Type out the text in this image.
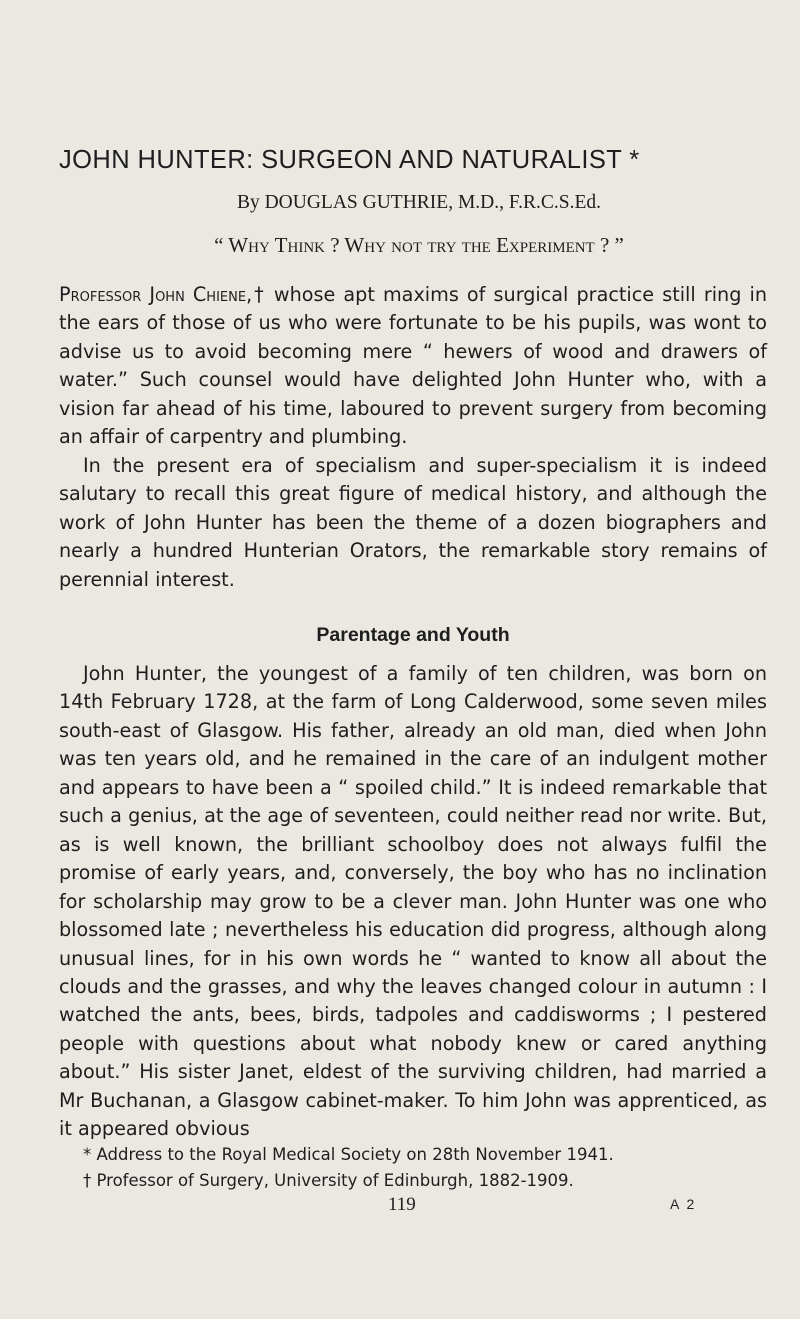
JOHN HUNTER: SURGEON AND NATURALIST *
By DOUGLAS GUTHRIE, M.D., F.R.C.S.Ed.
“ Why Think ? Why not try the Experiment ? ”

Professor John Chiene,† whose apt maxims of surgical practice still ring in the ears of those of us who were fortunate to be his pupils, was wont to advise us to avoid becoming mere “ hewers of wood and drawers of water.” Such counsel would have delighted John Hunter who, with a vision far ahead of his time, laboured to prevent surgery from becoming an affair of carpentry and plumbing.

In the present era of specialism and super-specialism it is indeed salutary to recall this great figure of medical history, and although the work of John Hunter has been the theme of a dozen biographers and nearly a hundred Hunterian Orators, the remarkable story remains of perennial interest.

Parentage and Youth

John Hunter, the youngest of a family of ten children, was born on 14th February 1728, at the farm of Long Calderwood, some seven miles south-east of Glasgow. His father, already an old man, died when John was ten years old, and he remained in the care of an indulgent mother and appears to have been a “ spoiled child.” It is indeed remarkable that such a genius, at the age of seventeen, could neither read nor write. But, as is well known, the brilliant schoolboy does not always fulfil the promise of early years, and, conversely, the boy who has no inclination for scholarship may grow to be a clever man. John Hunter was one who blossomed late ; nevertheless his education did progress, although along unusual lines, for in his own words he “ wanted to know all about the clouds and the grasses, and why the leaves changed colour in autumn : I watched the ants, bees, birds, tadpoles and caddisworms ; I pestered people with questions about what nobody knew or cared anything about.” His sister Janet, eldest of the surviving children, had married a Mr Buchanan, a Glasgow cabinet-maker. To him John was apprenticed, as it appeared obvious

* Address to the Royal Medical Society on 28th November 1941.
† Professor of Surgery, University of Edinburgh, 1882-1909.
119	A 2
